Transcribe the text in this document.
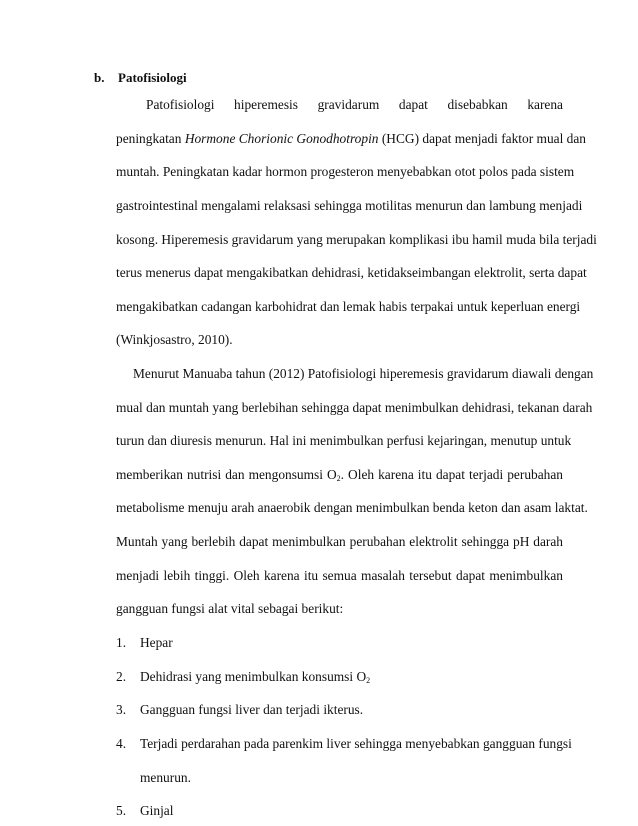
b. Patofisiologi
Patofisiologi hiperemesis gravidarum dapat disebabkan karena
peningkatan Hormone Chorionic Gonodhotropin (HCG) dapat menjadi faktor mual dan
muntah. Peningkatan kadar hormon progesteron menyebabkan otot polos pada sistem
gastrointestinal mengalami relaksasi sehingga motilitas menurun dan lambung menjadi
kosong. Hiperemesis gravidarum yang merupakan komplikasi ibu hamil muda bila terjadi
terus menerus dapat mengakibatkan dehidrasi, ketidakseimbangan elektrolit, serta dapat
mengakibatkan cadangan karbohidrat dan lemak habis terpakai untuk keperluan energi
(Winkjosastro, 2010).
Menurut Manuaba tahun (2012) Patofisiologi hiperemesis gravidarum diawali dengan
mual dan muntah yang berlebihan sehingga dapat menimbulkan dehidrasi, tekanan darah
turun dan diuresis menurun. Hal ini menimbulkan perfusi kejaringan, menutup untuk
memberikan nutrisi dan mengonsumsi $O_2$. Oleh karena itu dapat terjadi perubahan
metabolisme menuju arah anaerobik dengan menimbulkan benda keton dan asam laktat.
Muntah yang berlebih dapat menimbulkan perubahan elektrolit sehingga pH darah
menjadi lebih tinggi. Oleh karena itu semua masalah tersebut dapat menimbulkan
gangguan fungsi alat vital sebagai berikut:
1. Hepar
2. Dehidrasi yang menimbulkan konsumsi $O_2$
3. Gangguan fungsi liver dan terjadi ikterus.
4. Terjadi perdarahan pada parenkim liver sehingga menyebabkan gangguan fungsi
menurun.
5. Ginjal
